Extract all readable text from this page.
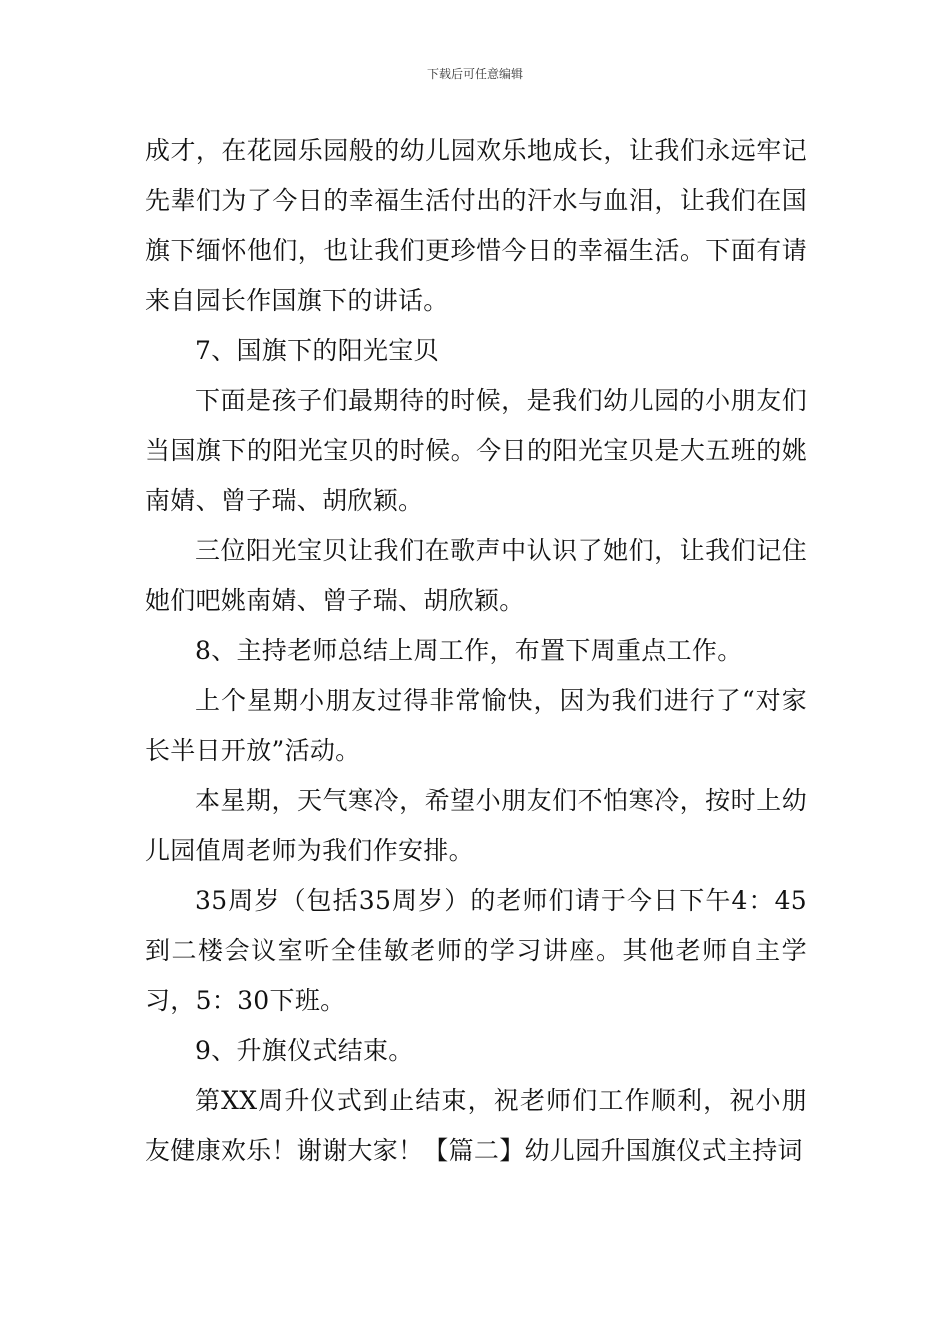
下载后可任意编辑

成才，在花园乐园般的幼儿园欢乐地成长，让我们永远牢记先辈们为了今日的幸福生活付出的汗水与血泪，让我们在国旗下缅怀他们，也让我们更珍惜今日的幸福生活。下面有请来自园长作国旗下的讲话。

7、国旗下的阳光宝贝

下面是孩子们最期待的时候，是我们幼儿园的小朋友们当国旗下的阳光宝贝的时候。今日的阳光宝贝是大五班的姚南婧、曾子瑞、胡欣颖。

三位阳光宝贝让我们在歌声中认识了她们，让我们记住她们吧姚南婧、曾子瑞、胡欣颖。

8、主持老师总结上周工作，布置下周重点工作。

上个星期小朋友过得非常愉快，因为我们进行了“对家长半日开放”活动。

本星期，天气寒冷，希望小朋友们不怕寒冷，按时上幼儿园值周老师为我们作安排。

35周岁（包括35周岁）的老师们请于今日下午4：45到二楼会议室听全佳敏老师的学习讲座。其他老师自主学习，5：30下班。

9、升旗仪式结束。

第XX周升仪式到止结束，祝老师们工作顺利，祝小朋友健康欢乐！谢谢大家！【篇二】幼儿园升国旗仪式主持词
